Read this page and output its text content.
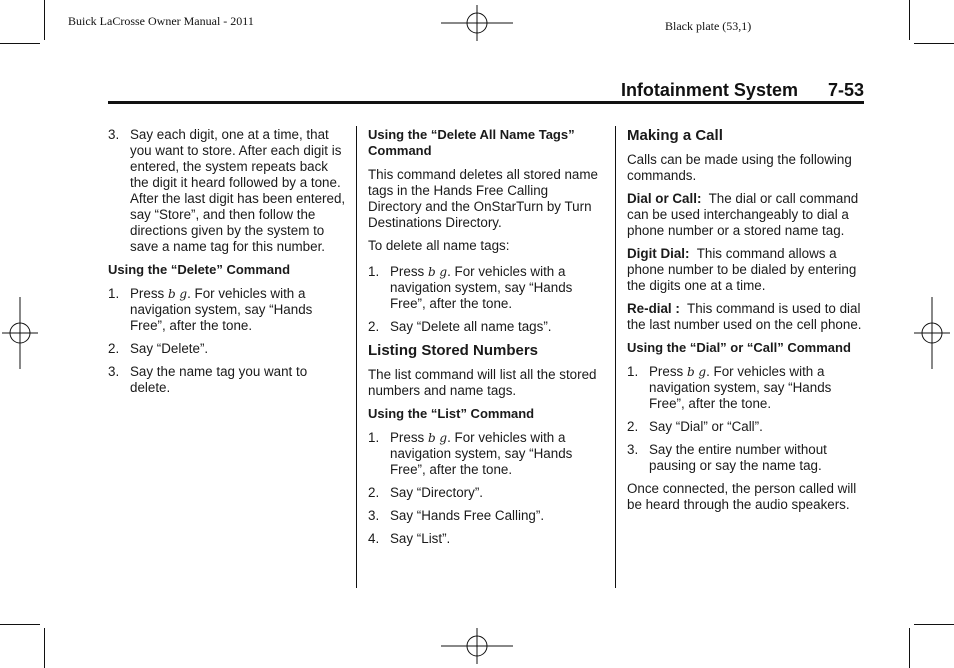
Buick LaCrosse Owner Manual - 2011	Black plate (53,1)
Infotainment System 7-53
3. Say each digit, one at a time, that you want to store. After each digit is entered, the system repeats back the digit it heard followed by a tone. After the last digit has been entered, say “Store”, and then follow the directions given by the system to save a name tag for this number.

Using the “Delete” Command

1. Press b g. For vehicles with a navigation system, say “Hands Free”, after the tone.
2. Say “Delete”.
3. Say the name tag you want to delete.

Using the “Delete All Name Tags” Command

This command deletes all stored name tags in the Hands Free Calling Directory and the OnStarTurn by Turn Destinations Directory.

To delete all name tags:

1. Press b g. For vehicles with a navigation system, say “Hands Free”, after the tone.
2. Say “Delete all name tags”.

Listing Stored Numbers

The list command will list all the stored numbers and name tags.

Using the “List” Command

1. Press b g. For vehicles with a navigation system, say “Hands Free”, after the tone.
2. Say “Directory”.
3. Say “Hands Free Calling”.
4. Say “List”.

Making a Call

Calls can be made using the following commands.

Dial or Call: The dial or call command can be used interchangeably to dial a phone number or a stored name tag.

Digit Dial: This command allows a phone number to be dialed by entering the digits one at a time.

Re-dial : This command is used to dial the last number used on the cell phone.

Using the “Dial” or “Call” Command

1. Press b g. For vehicles with a navigation system, say “Hands Free”, after the tone.
2. Say “Dial” or “Call”.
3. Say the entire number without pausing or say the name tag.

Once connected, the person called will be heard through the audio speakers.
